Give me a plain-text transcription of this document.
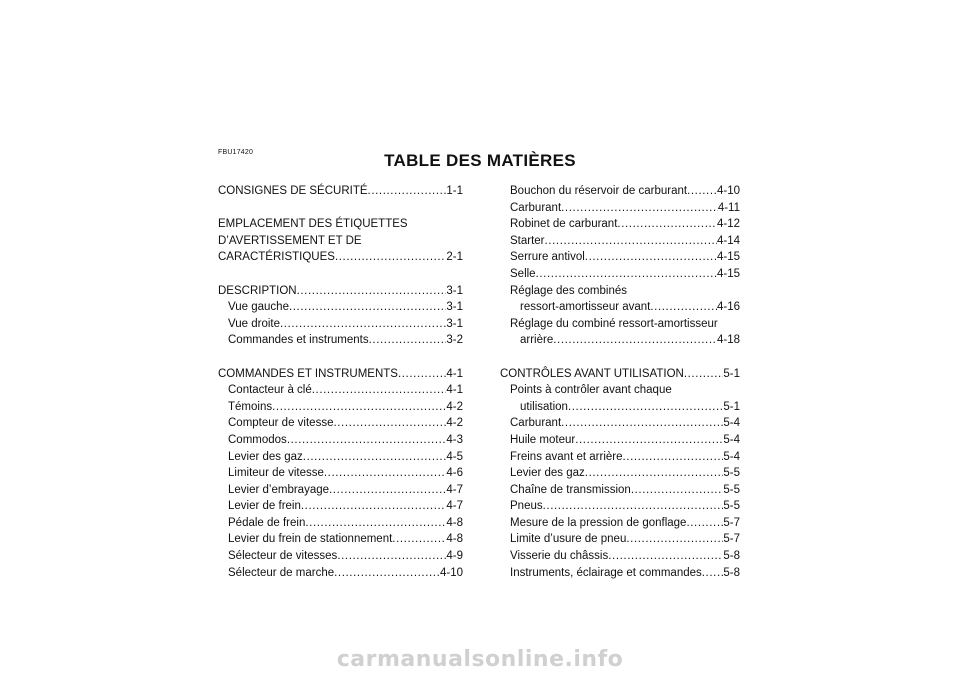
FBU17420	TABLE DES MATIÈRES
CONSIGNES DE SÉCURITÉ .....	1-1
EMPLACEMENT DES ÉTIQUETTES
D’AVERTISSEMENT ET DE
CARACTÉRISTIQUES .....	2-1
DESCRIPTION .....	3-1
Vue gauche .....	3-1
Vue droite .....	3-1
Commandes et instruments .....	3-2
COMMANDES ET INSTRUMENTS .....	4-1
Contacteur à clé .....	4-1
Témoins .....	4-2
Compteur de vitesse .....	4-2
Commodos .....	4-3
Levier des gaz .....	4-5
Limiteur de vitesse .....	4-6
Levier d’embrayage .....	4-7
Levier de frein .....	4-7
Pédale de frein .....	4-8
Levier du frein de stationnement .....	4-8
Sélecteur de vitesses .....	4-9
Sélecteur de marche .....	4-10
Bouchon du réservoir de carburant .....	4-10
Carburant .....	4-11
Robinet de carburant .....	4-12
Starter .....	4-14
Serrure antivol .....	4-15
Selle .....	4-15
Réglage des combinés
ressort-amortisseur avant .....	4-16
Réglage du combiné ressort-amortisseur
arrière .....	4-18
CONTRÔLES AVANT UTILISATION .....	5-1
Points à contrôler avant chaque
utilisation .....	5-1
Carburant .....	5-4
Huile moteur .....	5-4
Freins avant et arrière .....	5-4
Levier des gaz .....	5-5
Chaîne de transmission .....	5-5
Pneus .....	5-5
Mesure de la pression de gonflage .....	5-7
Limite d’usure de pneu .....	5-7
Visserie du châssis .....	5-8
Instruments, éclairage et commandes ..... 5-8
carmanualsonline.info
